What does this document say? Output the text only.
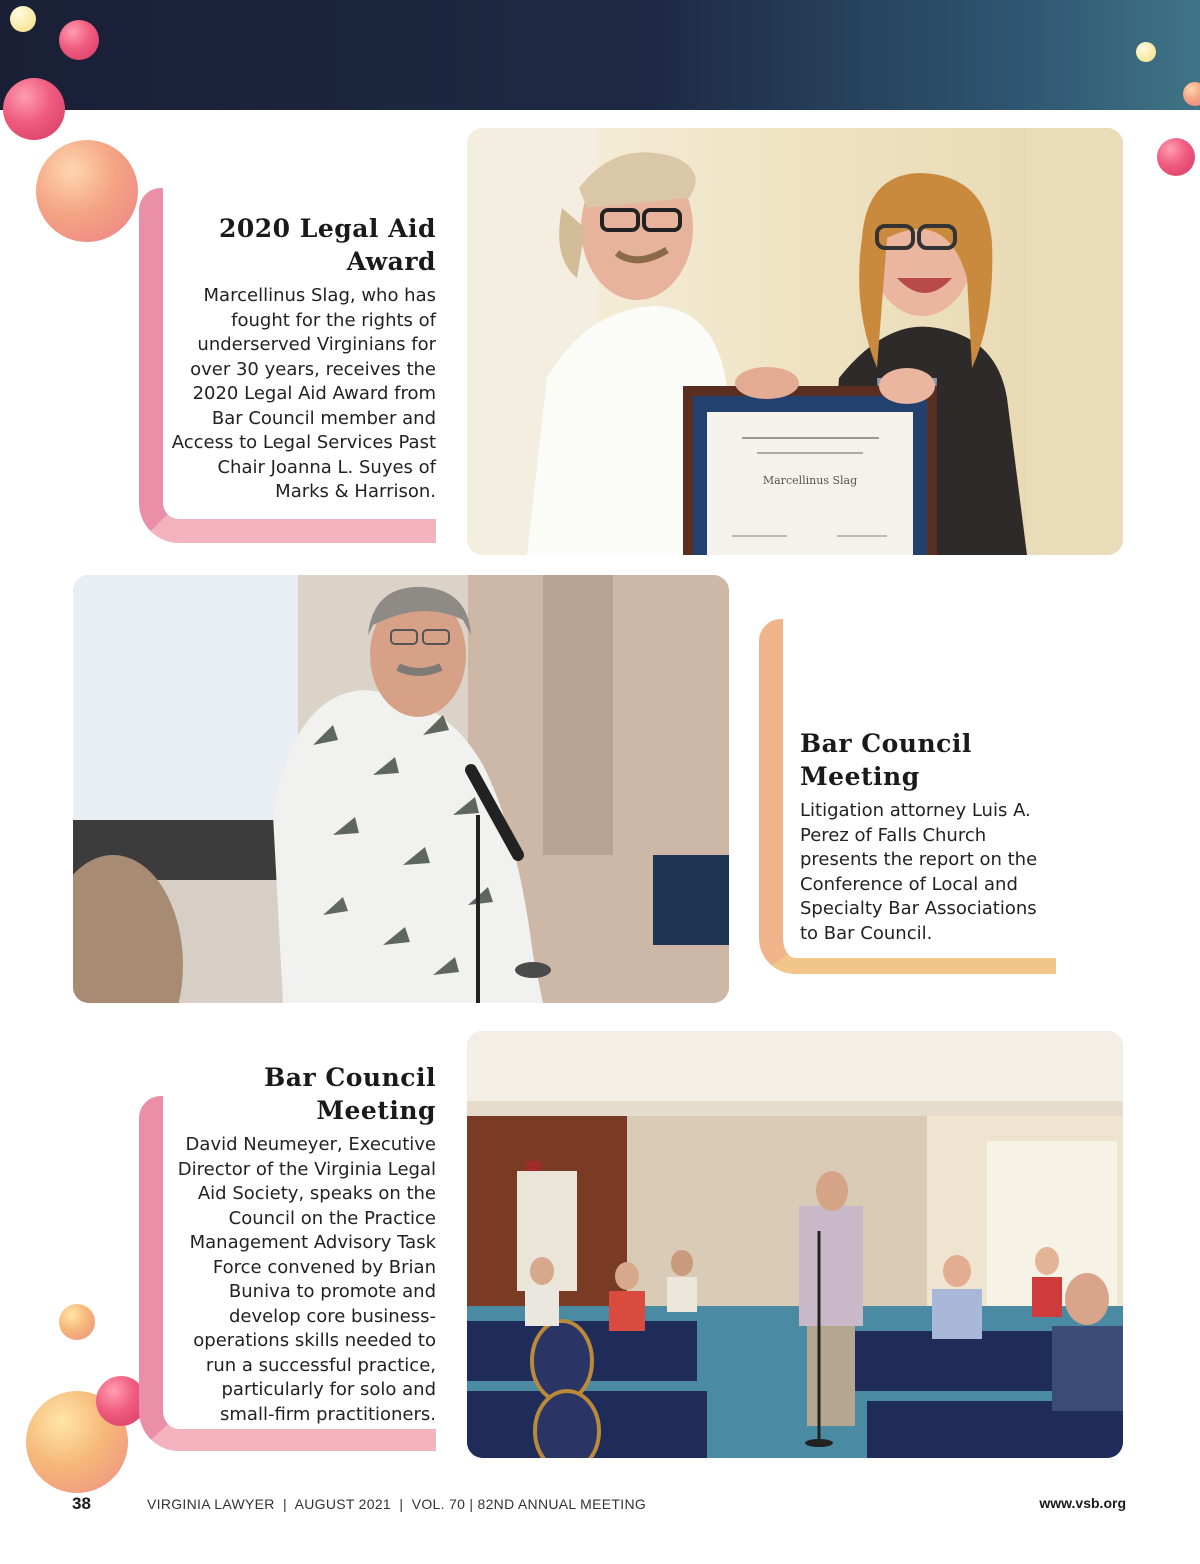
2020 Legal Aid
Award

Marcellinus Slag, who has fought for the rights of underserved Virginians for over 30 years, receives the 2020 Legal Aid Award from Bar Council member and Access to Legal Services Past Chair Joanna L. Suyes of Marks & Harrison.

Marcellinus Slag
Bar Council
Meeting

Litigation attorney Luis A. Perez of Falls Church presents the report on the Conference of Local and Specialty Bar Associations to Bar Council.

Bar Council
Meeting

David Neumeyer, Executive Director of the Virginia Legal Aid Society, speaks on the Council on the Practice Management Advisory Task Force convened by Brian Buniva to promote and develop core business-operations skills needed to run a successful practice, particularly for solo and small-firm practitioners.

38	VIRGINIA LAWYER  |  AUGUST 2021  |  VOL. 70 | 82ND ANNUAL MEETING	www.vsb.org
